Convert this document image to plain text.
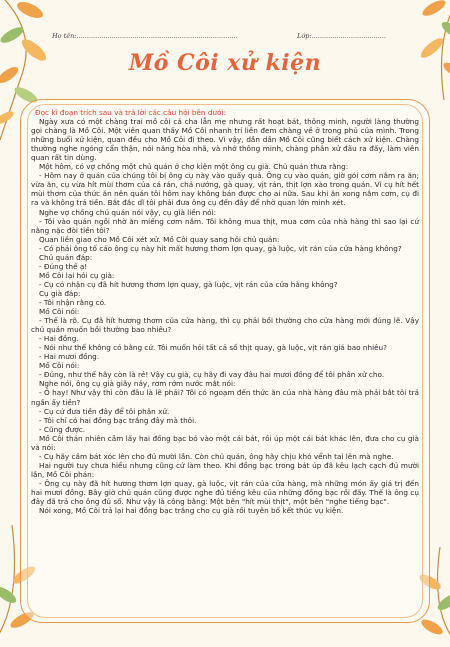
Họ tên:..............................................................................	Lớp:....................................
Mồ Côi xử kiện

Đọc kĩ đoạn trích sau và trả lời các câu hỏi bên dưới:

Ngày xưa có một chàng trai mồ côi cả cha lẫn mẹ nhưng rất hoạt bát, thông minh, người làng thường gọi chàng là Mồ Côi. Một viên quan thấy Mồ Côi nhanh trí liền đem chàng về ở trong phủ của mình. Trong những buổi xử kiện, quan đều cho Mồ Côi đi theo. Vì vậy, dần dần Mồ Côi cũng biết cách xử kiện. Chàng thường nghe ngóng cẩn thận, nói năng hòa nhã, và nhớ thông minh, chàng phân xử đâu ra đấy, làm viên quan rất tin dùng.

Một hôm, có vợ chồng một chủ quán ở chợ kiện một ông cụ già. Chủ quán thưa rằng:

- Hôm nay ở quán của chúng tôi bị ông cụ này vào quấy quả. Ông cụ vào quán, giờ gói cơm nắm ra ăn; vừa ăn, cụ vừa hít mùi thơm của cá rán, chả nướng, gà quay, vịt rán, thịt lợn xào trong quán. Vì cụ hít hết mùi thơm của thức ăn nên quán tôi hôm nay không bán được cho ai nữa. Sau khi ăn xong nắm cơm, cụ đi ra và không trả tiền. Bắt đắc dĩ tôi phải đưa ông cụ đến đây để nhờ quan lớn minh xét.

Nghe vợ chồng chủ quán nói vậy, cụ già liền nói:

- Tôi vào quán ngồi nhờ ăn miếng cơm nắm. Tôi không mua thịt, mua cơm của nhà hàng thì sao lại cứ nằng nặc đòi tiền tôi?

Quan liền giao cho Mồ Côi xét xử. Mồ Côi quay sang hỏi chủ quán:

- Có phải ông tố cáo ông cụ này hít mất hương thơm lợn quay, gà luộc, vịt rán của cửa hàng không?

Chủ quán đáp:

- Đúng thế ạ!

Mồ Côi lại hỏi cụ già:

- Cụ có nhận cụ đã hít hương thơm lợn quay, gà luộc, vịt rán của cửa hàng không?

Cụ già đáp:

- Tôi nhận rằng có.

Mồ Côi nói:

- Thế là rõ. Cụ đã hít hương thơm của cửa hàng, thì cụ phải bồi thường cho cửa hàng mới đúng lẽ. Vậy chủ quán muốn bồi thường bao nhiêu?

- Hai đồng.

- Nói như thế không có bằng cứ. Tôi muốn hỏi tất cả số thịt quay, gà luộc, vịt rán giá bao nhiêu?

- Hai mươi đồng.

Mồ Côi nói:

- Đúng, như thế hãy còn là rẻ! Vậy cụ già, cụ hãy đi vay đâu hai mươi đồng để tôi phân xử cho.

Nghe nói, ông cụ già giãy nảy, rơm rớm nước mắt nói:

- Ô hay! Như vậy thì còn đâu là lẽ phải? Tôi có ngoạm đến thức ăn của nhà hàng đâu mà phải bắt tôi trả ngần ấy tiền?

- Cụ cứ đưa tiền đây để tôi phân xử.

- Tôi chỉ có hai đồng bạc trắng đây mà thôi.

- Cũng được.

Mồ Côi thản nhiên cầm lấy hai đồng bạc bỏ vào một cái bát, rồi úp một cái bát khác lên, đưa cho cụ già và nói:

- Cụ hãy cầm bát xóc lên cho đủ mười lần. Còn chủ quán, ông hãy chịu khó vểnh tai lên mà nghe.

Hai người tuy chưa hiểu nhưng cũng cứ làm theo. Khi đồng bạc trong bát úp đã kêu lạch cạch đủ mười lần, Mồ Côi phán:

- Ông cụ này đã hít hương thơm lợn quay, gà luộc, vịt rán của cửa hàng, mà những món ấy giá trị đến hai mươi đồng. Bây giờ chủ quán cũng được nghe đủ tiếng kêu của những đồng bạc rồi đấy. Thế là ông cụ đây đã trả cho ông đủ số. Như vậy là công bằng: Một bên "hít mùi thịt", một bên "nghe tiếng bạc".

Nói xong, Mồ Côi trả lại hai đồng bạc trắng cho cụ già rồi tuyên bố kết thúc vụ kiện.
